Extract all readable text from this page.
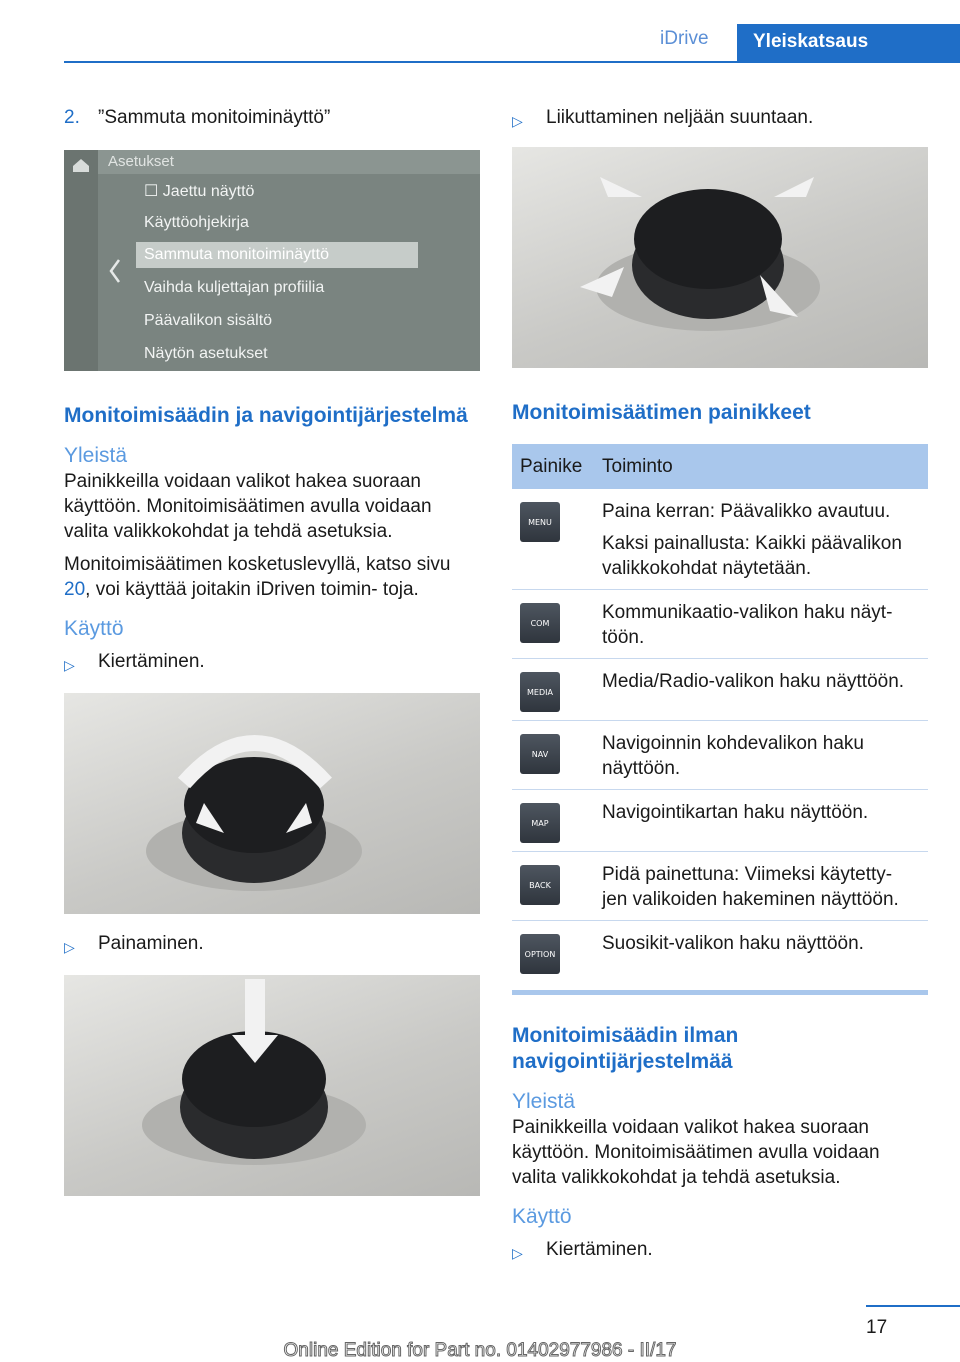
iDrive	Yleiskatsaus
2. ”Sammuta monitoiminäyttö”
Asetukset
☐ Jaettu näyttö
Käyttöohjekirja
Sammuta monitoiminäyttö
Vaihda kuljettajan profiilia
Päävalikon sisältö
Näytön asetukset
Monitoimisäädin ja navigointijärjestelmä
Yleistä
Painikkeilla voidaan valikot hakea suoraan käyttöön. Monitoimisäätimen avulla voidaan valita valikkokohdat ja tehdä asetuksia.
Monitoimisäätimen kosketuslevyllä, katso sivu 20, voi käyttää joitakin iDriven toimin‐ toja.
Käyttö
▷	Kiertäminen.
▷	Painaminen.
▷	Liikuttaminen neljään suuntaan.
Monitoimisäätimen painikkeet
Painike	Toiminto

MENU	Paina kerran: Päävalikko avautuu.
Kaksi painallusta: Kaikki päävalikon valikkokohdat näytetään.

COM	Kommunikaatio-valikon haku näyt‐ töön.

MEDIA	Media/Radio-valikon haku näyttöön.

NAV	Navigoinnin kohdevalikon haku näyttöön.

MAP	Navigointikartan haku näyttöön.

BACK	Pidä painettuna: Viimeksi käytetty‐ jen valikoiden hakeminen näyttöön.

OPTION	Suosikit-valikon haku näyttöön.
Monitoimisäädin ilman navigointijärjestelmää
Yleistä
Painikkeilla voidaan valikot hakea suoraan käyttöön. Monitoimisäätimen avulla voidaan valita valikkokohdat ja tehdä asetuksia.
Käyttö
▷	Kiertäminen.
17
Online Edition for Part no. 01402977986 - II/17
